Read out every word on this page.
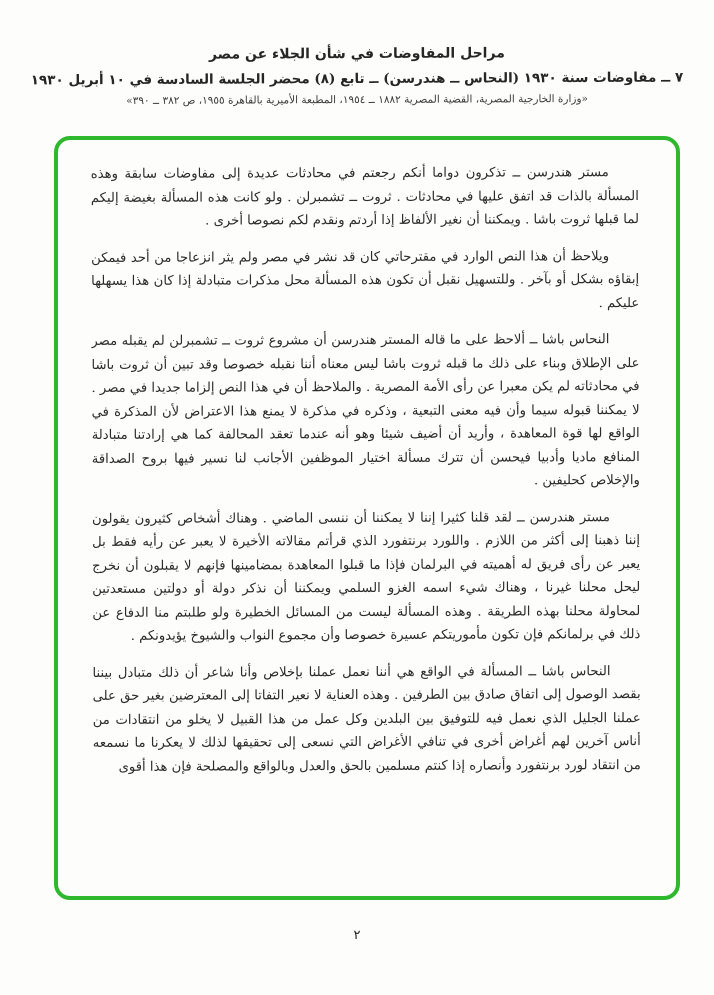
مراحل المفاوضات في شأن الجلاء عن مصر
٧ ــ مفاوضات سنة ١٩٣٠ (النحاس ــ هندرسن) ــ تابع (٨) محضر الجلسة السادسة في ١٠ أبريل ١٩٣٠
«وزارة الخارجية المصرية، القضية المصرية ١٨٨٢ ــ ١٩٥٤، المطبعة الأميرية بالقاهرة ١٩٥٥، ص ٣٨٢ ــ ٣٩٠»

مستر هندرسن ــ تذكرون دواما أنكم رجعتم في محادثات عديدة إلى مفاوضات سابقة وهذه المسألة بالذات قد اتفق عليها في محادثات . ثروت ــ تشمبرلن . ولو كانت هذه المسألة بغيضة إليكم لما قبلها ثروت باشا . ويمكننا أن نغير الألفاظ إذا أردتم ونقدم لكم نصوصا أخرى .

ويلاحظ أن هذا النص الوارد في مقترحاتي كان قد نشر في مصر ولم يثر انزعاجا من أحد فيمكن إبقاؤه بشكل أو بآخر . وللتسهيل نقبل أن تكون هذه المسألة محل مذكرات متبادلة إذا كان هذا يسهلها عليكم .

النحاس باشا ــ ألاحظ على ما قاله المستر هندرسن أن مشروع ثروت ــ تشمبرلن لم يقبله مصر على الإطلاق وبناء على ذلك ما قبله ثروت باشا ليس معناه أننا نقبله خصوصا وقد تبين أن ثروت باشا في محادثاته لم يكن معبرا عن رأى الأمة المصرية . والملاحظ أن في هذا النص إلزاما جديدا في مصر . لا يمكننا قبوله سيما وأن فيه معنى التبعية ، وذكره في مذكرة لا يمنع هذا الاعتراض لأن المذكرة في الواقع لها قوة المعاهدة ، وأريد أن أضيف شيئا وهو أنه عندما تعقد المحالفة كما هي إرادتنا متبادلة المنافع ماديا وأدبيا فيحسن أن تترك مسألة اختيار الموظفين الأجانب لنا نسير فيها بروح الصداقة والإخلاص كحليفين .

مستر هندرسن ــ لقد قلنا كثيرا إننا لا يمكننا أن ننسى الماضي . وهناك أشخاص كثيرون يقولون إننا ذهبنا إلى أكثر من اللازم . واللورد برنتفورد الذي قرأتم مقالاته الأخيرة لا يعبر عن رأيه فقط بل يعبر عن رأى فريق له أهميته في البرلمان فإذا ما قبلوا المعاهدة بمضامينها فإنهم لا يقبلون أن نخرج ليحل محلنا غيرنا ، وهناك شيء اسمه الغزو السلمي ويمكننا أن نذكر دولة أو دولتين مستعدتين لمحاولة محلنا بهذه الطريقة . وهذه المسألة ليست من المسائل الخطيرة ولو طلبتم منا الدفاع عن ذلك في برلمانكم فإن تكون مأموريتكم عسيرة خصوصا وأن مجموع النواب والشيوخ يؤيدونكم .

النحاس باشا ــ المسألة في الواقع هي أننا نعمل عملنا بإخلاص وأنا شاعر أن ذلك متبادل بيننا بقصد الوصول إلى اتفاق صادق بين الطرفين . وهذه العناية لا نعير التفاتا إلى المعترضين بغير حق على عملنا الجليل الذي نعمل فيه للتوفيق بين البلدين وكل عمل من هذا القبيل لا يخلو من انتقادات من أناس آخرين لهم أغراض أخرى في تنافي الأغراض التي نسعى إلى تحقيقها لذلك لا يعكرنا ما نسمعه من انتقاد لورد برنتفورد وأنصاره إذا كنتم مسلمين بالحق والعدل وبالواقع والمصلحة فإن هذا أقوى

٢
